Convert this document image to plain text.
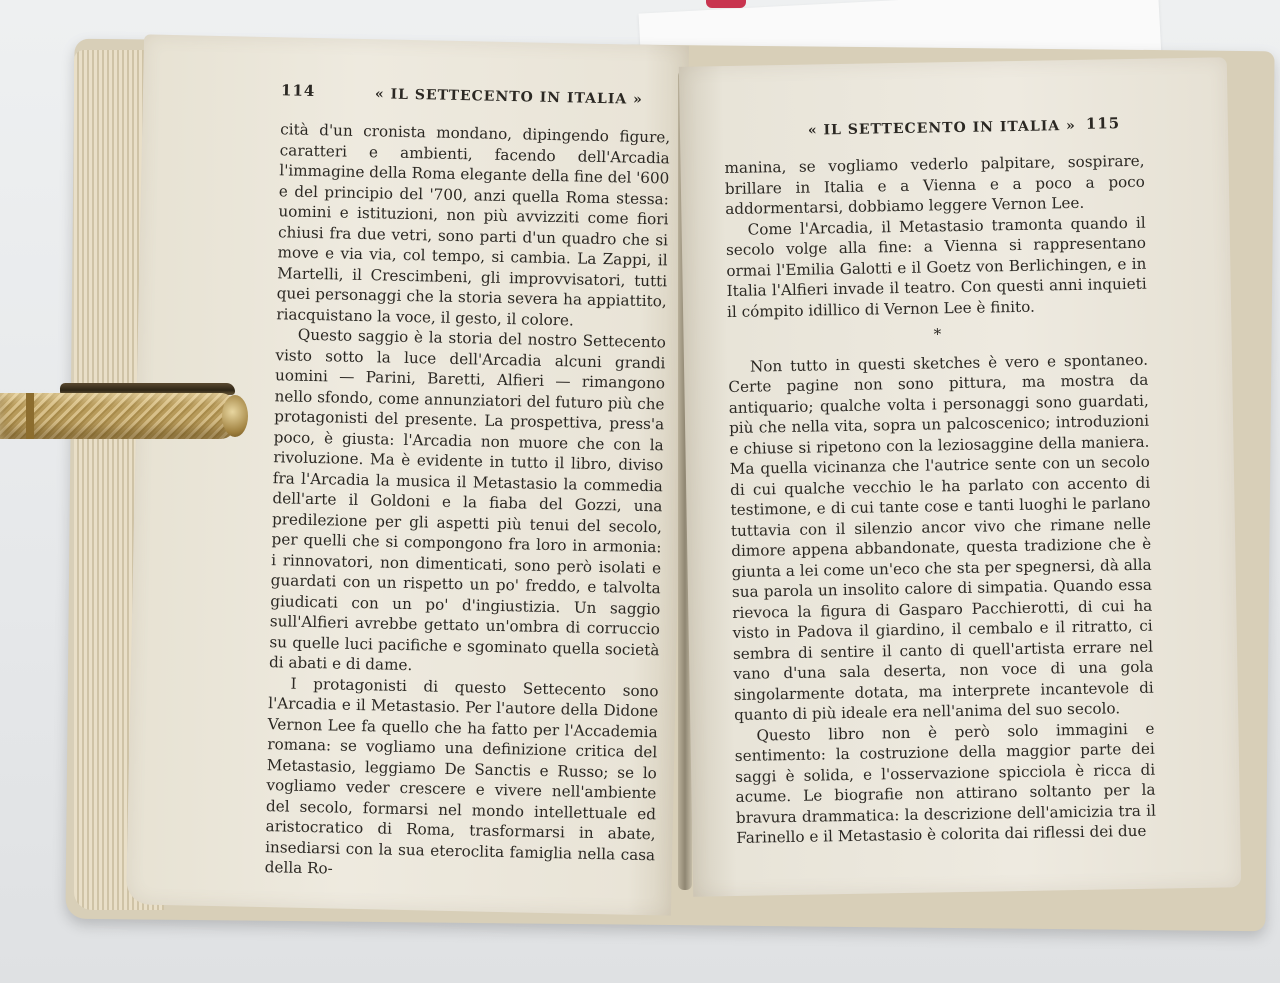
114	« IL SETTECENTO IN ITALIA »

cità d'un cronista mondano, dipingendo figure, caratteri e ambienti, facendo dell'Arcadia l'immagine della Roma elegante della fine del '600 e del principio del '700, anzi quella Roma stessa: uomini e istituzioni, non più avvizziti come fiori chiusi fra due vetri, sono parti d'un quadro che si move e via via, col tempo, si cambia. La Zappi, il Martelli, il Crescimbeni, gli improvvisatori, tutti quei personaggi che la storia severa ha appiattito, riacquistano la voce, il gesto, il colore.

Questo saggio è la storia del nostro Settecento visto sotto la luce dell'Arcadia alcuni grandi uomini — Parini, Baretti, Alfieri — rimangono nello sfondo, come annunziatori del futuro più che protagonisti del presente. La prospettiva, press'a poco, è giusta: l'Arcadia non muore che con la rivoluzione. Ma è evidente in tutto il libro, diviso fra l'Arcadia la musica il Metastasio la commedia dell'arte il Goldoni e la fiaba del Gozzi, una predilezione per gli aspetti più tenui del secolo, per quelli che si compongono fra loro in armonia: i rinnovatori, non dimenticati, sono però isolati e guardati con un rispetto un po' freddo, e talvolta giudicati con un po' d'ingiustizia. Un saggio sull'Alfieri avrebbe gettato un'ombra di corruccio su quelle luci pacifiche e sgominato quella società di abati e di dame.

I protagonisti di questo Settecento sono l'Arcadia e il Metastasio. Per l'autore della Didone Vernon Lee fa quello che ha fatto per l'Accademia romana: se vogliamo una definizione critica del Metastasio, leggiamo De Sanctis e Russo; se lo vogliamo veder crescere e vivere nell'ambiente del secolo, formarsi nel mondo intellettuale ed aristocratico di Roma, trasformarsi in abate, insediarsi con la sua eteroclita famiglia nella casa della Ro-

« IL SETTECENTO IN ITALIA » 115

manina, se vogliamo vederlo palpitare, sospirare, brillare in Italia e a Vienna e a poco a poco addormentarsi, dobbiamo leggere Vernon Lee.

Come l'Arcadia, il Metastasio tramonta quando il secolo volge alla fine: a Vienna si rappresentano ormai l'Emilia Galotti e il Goetz von Berlichingen, e in Italia l'Alfieri invade il teatro. Con questi anni inquieti il cómpito idillico di Vernon Lee è finito.

*

Non tutto in questi sketches è vero e spontaneo. Certe pagine non sono pittura, ma mostra da antiquario; qualche volta i personaggi sono guardati, più che nella vita, sopra un palcoscenico; introduzioni e chiuse si ripetono con la leziosaggine della maniera. Ma quella vicinanza che l'autrice sente con un secolo di cui qualche vecchio le ha parlato con accento di testimone, e di cui tante cose e tanti luoghi le parlano tuttavia con il silenzio ancor vivo che rimane nelle dimore appena abbandonate, questa tradizione che è giunta a lei come un'eco che sta per spegnersi, dà alla sua parola un insolito calore di simpatia. Quando essa rievoca la figura di Gasparo Pacchierotti, di cui ha visto in Padova il giardino, il cembalo e il ritratto, ci sembra di sentire il canto di quell'artista errare nel vano d'una sala deserta, non voce di una gola singolarmente dotata, ma interprete incantevole di quanto di più ideale era nell'anima del suo secolo.

Questo libro non è però solo immagini e sentimento: la costruzione della maggior parte dei saggi è solida, e l'osservazione spicciola è ricca di acume. Le biografie non attirano soltanto per la bravura drammatica: la descrizione dell'amicizia tra il Farinello e il Metastasio è colorita dai riflessi dei due
